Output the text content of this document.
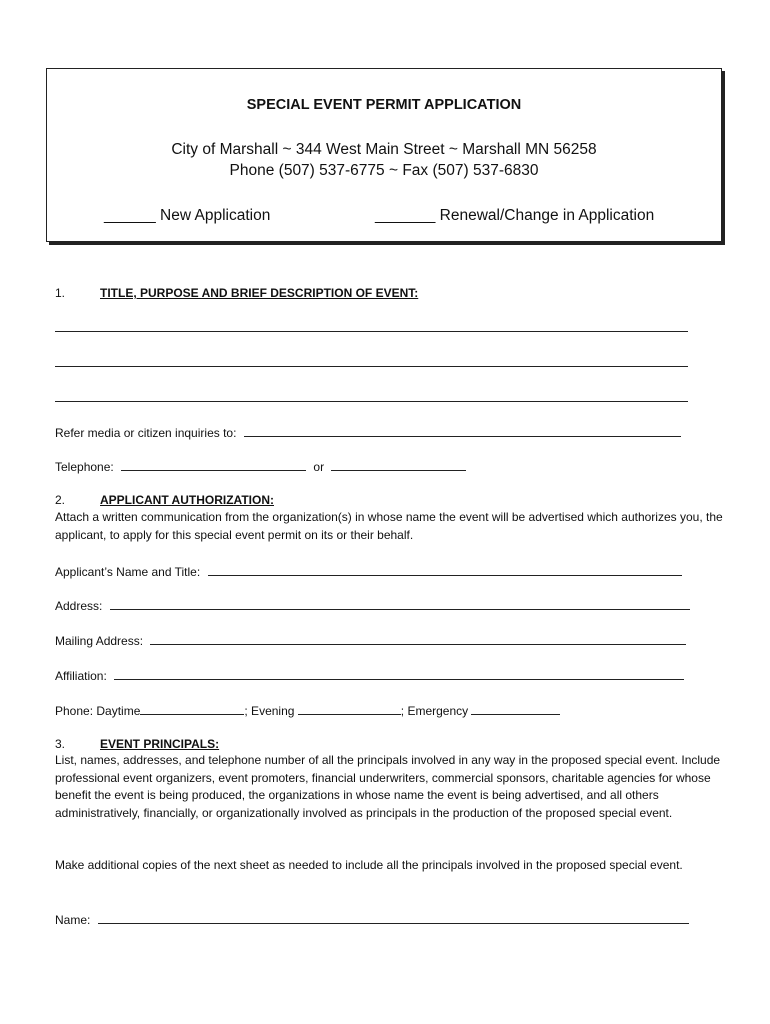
SPECIAL EVENT PERMIT APPLICATION
City of Marshall ~ 344 West Main Street ~ Marshall MN 56258
Phone (507) 537-6775 ~ Fax (507) 537-6830
______ New Application	_______ Renewal/Change in Application
1.	TITLE, PURPOSE AND BRIEF DESCRIPTION OF EVENT:
Refer media or citizen inquiries to:
Telephone:	or
2.	APPLICANT AUTHORIZATION:
Attach a written communication from the organization(s) in whose name the event will be advertised which authorizes you, the applicant, to apply for this special event permit on its or their behalf.
Applicant’s Name and Title:
Address:
Mailing Address:
Affiliation:
Phone: Daytime	; Evening	; Emergency
3.	EVENT PRINCIPALS:
List, names, addresses, and telephone number of all the principals involved in any way in the proposed special event. Include professional event organizers, event promoters, financial underwriters, commercial sponsors, charitable agencies for whose benefit the event is being produced, the organizations in whose name the event is being advertised, and all others administratively, financially, or organizationally involved as principals in the production of the proposed special event.
Make additional copies of the next sheet as needed to include all the principals involved in the proposed special event.
Name:
